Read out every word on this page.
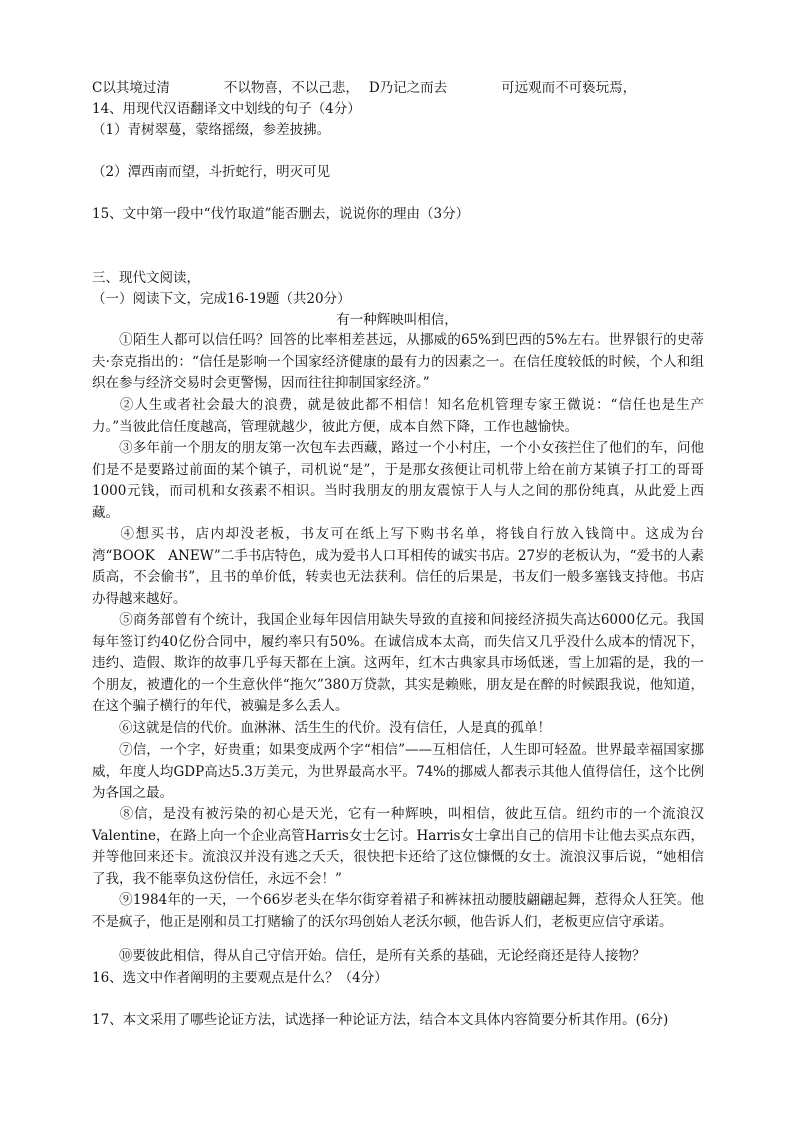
C以其境过清	不以物喜，不以己悲， D乃记之而去	可远观而不可亵玩焉，
14、用现代汉语翻译文中划线的句子（4分）
（1）青树翠蔓，蒙络摇缀，参差披拂。
（2）潭西南而望，斗折蛇行，明灭可见
15、文中第一段中“伐竹取道”能否删去，说说你的理由（3分）
三、现代文阅读，
（一）阅读下文，完成16-19题（共20分）
有一种辉映叫相信，
①陌生人都可以信任吗？回答的比率相差甚远，从挪威的65%到巴西的5%左右。世界银行的史蒂夫·奈克指出的：“信任是影响一个国家经济健康的最有力的因素之一。在信任度较低的时候，个人和组织在参与经济交易时会更警惕，因而往往抑制国家经济。”
②人生或者社会最大的浪费，就是彼此都不相信！知名危机管理专家王微说：“信任也是生产力。”当彼此信任度越高，管理就越少，彼此方便，成本自然下降，工作也越愉快。
③多年前一个朋友的朋友第一次包车去西藏，路过一个小村庄，一个小女孩拦住了他们的车，问他们是不是要路过前面的某个镇子，司机说“是”，于是那女孩便让司机带上给在前方某镇子打工的哥哥1000元钱，而司机和女孩素不相识。当时我朋友的朋友震惊于人与人之间的那份纯真，从此爱上西藏。
④想买书，店内却没老板，书友可在纸上写下购书名单，将钱自行放入钱筒中。这成为台湾“BOOK　ANEW”二手书店特色，成为爱书人口耳相传的诚实书店。27岁的老板认为，“爱书的人素质高，不会偷书”，且书的单价低，转卖也无法获利。信任的后果是，书友们一般多塞钱支持他。书店办得越来越好。
⑤商务部曾有个统计，我国企业每年因信用缺失导致的直接和间接经济损失高达6000亿元。我国每年签订约40亿份合同中，履约率只有50%。在诚信成本太高，而失信又几乎没什么成本的情况下，违约、造假、欺诈的故事几乎每天都在上演。这两年，红木古典家具市场低迷，雪上加霜的是，我的一个朋友，被遭化的一个生意伙伴“拖欠”380万贷款，其实是赖账，朋友是在醉的时候跟我说，他知道，在这个骗子横行的年代，被骗是多么丢人。
⑥这就是信的代价。血淋淋、活生生的代价。没有信任，人是真的孤单！
⑦信，一个字，好贵重；如果变成两个字“相信”——互相信任，人生即可轻盈。世界最幸福国家挪威，年度人均GDP高达5.3万美元，为世界最高水平。74%的挪威人都表示其他人值得信任，这个比例为各国之最。
⑧信，是没有被污染的初心是天光，它有一种辉映，叫相信，彼此互信。纽约市的一个流浪汉Valentine，在路上向一个企业高管Harris女士乞讨。Harris女士拿出自己的信用卡让他去买点东西，并等他回来还卡。流浪汉并没有逃之夭夭，很快把卡还给了这位慷慨的女士。流浪汉事后说，“她相信了我，我不能辜负这份信任，永远不会！”
⑨1984年的一天，一个66岁老头在华尔街穿着裙子和裤袜扭动腰肢翩翩起舞，惹得众人狂笑。他不是疯子，他正是刚和员工打赌输了的沃尔玛创始人老沃尔顿，他告诉人们，老板更应信守承诺。
⑩要彼此相信，得从自己守信开始。信任，是所有关系的基础，无论经商还是待人接物？
16、选文中作者阐明的主要观点是什么？（4分）
17、本文采用了哪些论证方法，试选择一种论证方法，结合本文具体内容简要分析其作用。(6分)
